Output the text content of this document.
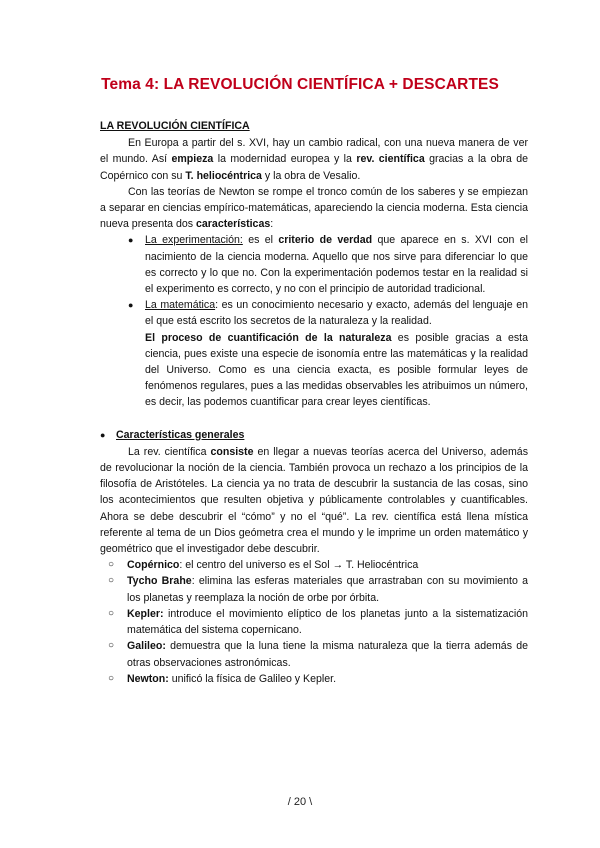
Tema 4: LA REVOLUCIÓN CIENTÍFICA + DESCARTES

LA REVOLUCIÓN CIENTÍFICA

En Europa a partir del s. XVI, hay un cambio radical, con una nueva manera de ver el mundo. Así empieza la modernidad europea y la rev. científica gracias a la obra de Copérnico con su T. heliocéntrica y la obra de Vesalio.

Con las teorías de Newton se rompe el tronco común de los saberes y se empiezan a separar en ciencias empírico-matemáticas, apareciendo la ciencia moderna. Esta ciencia nueva presenta dos características:

● La experimentación: es el criterio de verdad que aparece en s. XVI con el nacimiento de la ciencia moderna. Aquello que nos sirve para diferenciar lo que es correcto y lo que no. Con la experimentación podemos testar en la realidad si el experimento es correcto, y no con el principio de autoridad tradicional.
● La matemática: es un conocimiento necesario y exacto, además del lenguaje en el que está escrito los secretos de la naturaleza y la realidad.
El proceso de cuantificación de la naturaleza es posible gracias a esta ciencia, pues existe una especie de isonomía entre las matemáticas y la realidad del Universo. Como es una ciencia exacta, es posible formular leyes de fenómenos regulares, pues a las medidas observables les atribuimos un número, es decir, las podemos cuantificar para crear leyes científicas.

● Características generales

La rev. científica consiste en llegar a nuevas teorías acerca del Universo, además de revolucionar la noción de la ciencia. También provoca un rechazo a los principios de la filosofía de Aristóteles. La ciencia ya no trata de descubrir la sustancia de las cosas, sino los acontecimientos que resulten objetiva y públicamente controlables y cuantificables. Ahora se debe descubrir el “cómo” y no el “qué”. La rev. científica está llena mística referente al tema de un Dios geómetra crea el mundo y le imprime un orden matemático y geométrico que el investigador debe descubrir.

○ Copérnico: el centro del universo es el Sol → T. Heliocéntrica
○ Tycho Brahe: elimina las esferas materiales que arrastraban con su movimiento a los planetas y reemplaza la noción de orbe por órbita.
○ Kepler: introduce el movimiento elíptico de los planetas junto a la sistematización matemática del sistema copernicano.
○ Galileo: demuestra que la luna tiene la misma naturaleza que la tierra además de otras observaciones astronómicas.
○ Newton: unificó la física de Galileo y Kepler.
/ 20 \
